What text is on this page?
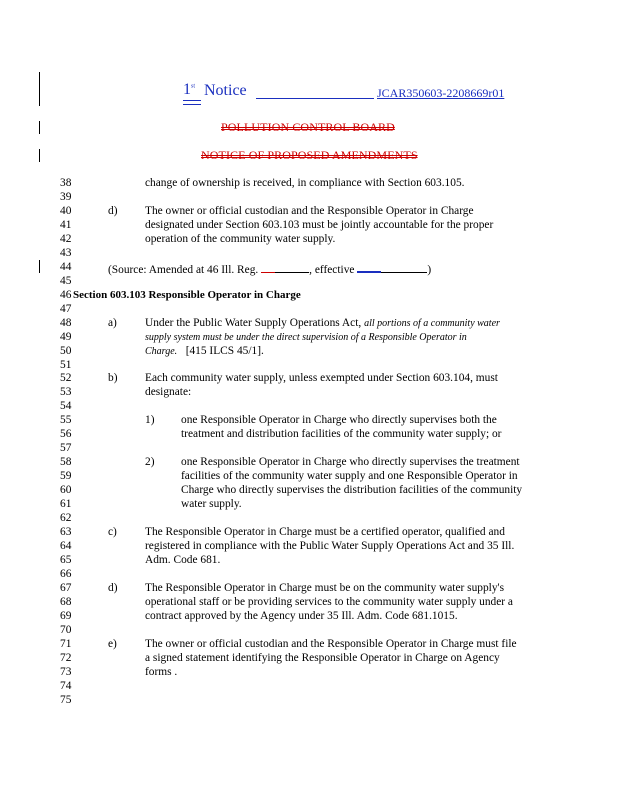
1st Notice	JCAR350603-2208669r01
POLLUTION CONTROL BOARD
NOTICE OF PROPOSED AMENDMENTS
38
39
40
41
42
43
44
45
46
47
48
49
50
51
52
53
54
55
56
57
58
59
60
61
62
63
64
65
66
67
68
69
70
71
72
73
74
75
change of ownership is received, in compliance with Section 603.105.
d) The owner or official custodian and the Responsible Operator in Charge
designated under Section 603.103 must be jointly accountable for the proper
operation of the community water supply.
(Source: Amended at 46 Ill. Reg.	, effective	)
Section 603.103 Responsible Operator in Charge
a) Under the Public Water Supply Operations Act, all portions of a community water
supply system must be under the direct supervision of a Responsible Operator in
Charge. [415 ILCS 45/1].
b) Each community water supply, unless exempted under Section 603.104, must
designate:
1) one Responsible Operator in Charge who directly supervises both the
treatment and distribution facilities of the community water supply; or
2) one Responsible Operator in Charge who directly supervises the treatment
facilities of the community water supply and one Responsible Operator in
Charge who directly supervises the distribution facilities of the community
water supply.
c) The Responsible Operator in Charge must be a certified operator, qualified and
registered in compliance with the Public Water Supply Operations Act and 35 Ill.
Adm. Code 681.
d) The Responsible Operator in Charge must be on the community water supply's
operational staff or be providing services to the community water supply under a
contract approved by the Agency under 35 Ill. Adm. Code 681.1015.
e) The owner or official custodian and the Responsible Operator in Charge must file
a signed statement identifying the Responsible Operator in Charge on Agency
forms .
